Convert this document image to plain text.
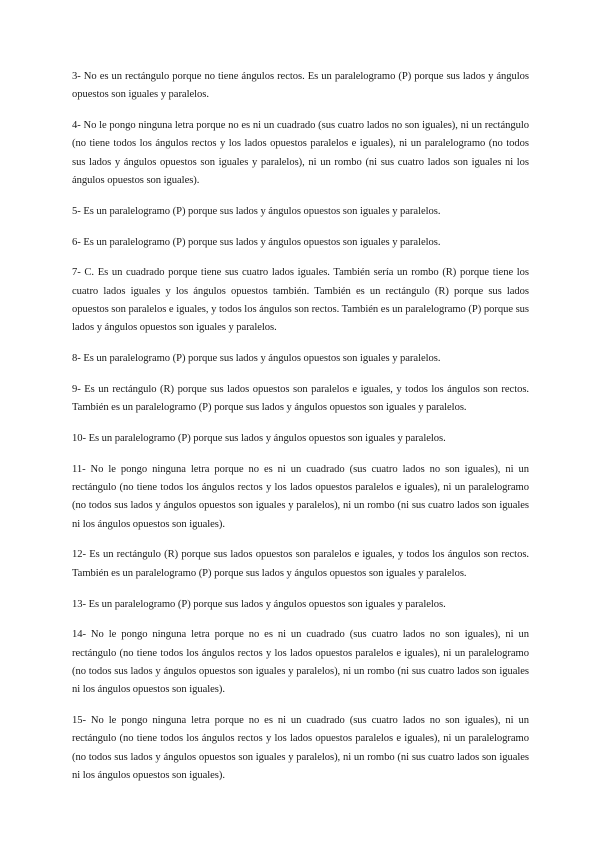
3- No es un rectángulo porque no tiene ángulos rectos. Es un paralelogramo (P) porque sus lados y ángulos opuestos son iguales y paralelos.

4- No le pongo ninguna letra porque no es ni un cuadrado (sus cuatro lados no son iguales), ni un rectángulo (no tiene todos los ángulos rectos y los lados opuestos paralelos e iguales), ni un paralelogramo (no todos sus lados y ángulos opuestos son iguales y paralelos), ni un rombo (ni sus cuatro lados son iguales ni los ángulos opuestos son iguales).

5- Es un paralelogramo (P) porque sus lados y ángulos opuestos son iguales y paralelos.

6- Es un paralelogramo (P) porque sus lados y ángulos opuestos son iguales y paralelos.

7- C. Es un cuadrado porque tiene sus cuatro lados iguales. También sería un rombo (R) porque tiene los cuatro lados iguales y los ángulos opuestos también. También es un rectángulo (R) porque sus lados opuestos son paralelos e iguales, y todos los ángulos son rectos. También es un paralelogramo (P) porque sus lados y ángulos opuestos son iguales y paralelos.

8- Es un paralelogramo (P) porque sus lados y ángulos opuestos son iguales y paralelos.

9- Es un rectángulo (R) porque sus lados opuestos son paralelos e iguales, y todos los ángulos son rectos. También es un paralelogramo (P) porque sus lados y ángulos opuestos son iguales y paralelos.

10- Es un paralelogramo (P) porque sus lados y ángulos opuestos son iguales y paralelos.

11- No le pongo ninguna letra porque no es ni un cuadrado (sus cuatro lados no son iguales), ni un rectángulo (no tiene todos los ángulos rectos y los lados opuestos paralelos e iguales), ni un paralelogramo (no todos sus lados y ángulos opuestos son iguales y paralelos), ni un rombo (ni sus cuatro lados son iguales ni los ángulos opuestos son iguales).

12- Es un rectángulo (R) porque sus lados opuestos son paralelos e iguales, y todos los ángulos son rectos. También es un paralelogramo (P) porque sus lados y ángulos opuestos son iguales y paralelos.

13- Es un paralelogramo (P) porque sus lados y ángulos opuestos son iguales y paralelos.

14- No le pongo ninguna letra porque no es ni un cuadrado (sus cuatro lados no son iguales), ni un rectángulo (no tiene todos los ángulos rectos y los lados opuestos paralelos e iguales), ni un paralelogramo (no todos sus lados y ángulos opuestos son iguales y paralelos), ni un rombo (ni sus cuatro lados son iguales ni los ángulos opuestos son iguales).

15- No le pongo ninguna letra porque no es ni un cuadrado (sus cuatro lados no son iguales), ni un rectángulo (no tiene todos los ángulos rectos y los lados opuestos paralelos e iguales), ni un paralelogramo (no todos sus lados y ángulos opuestos son iguales y paralelos), ni un rombo (ni sus cuatro lados son iguales ni los ángulos opuestos son iguales).
